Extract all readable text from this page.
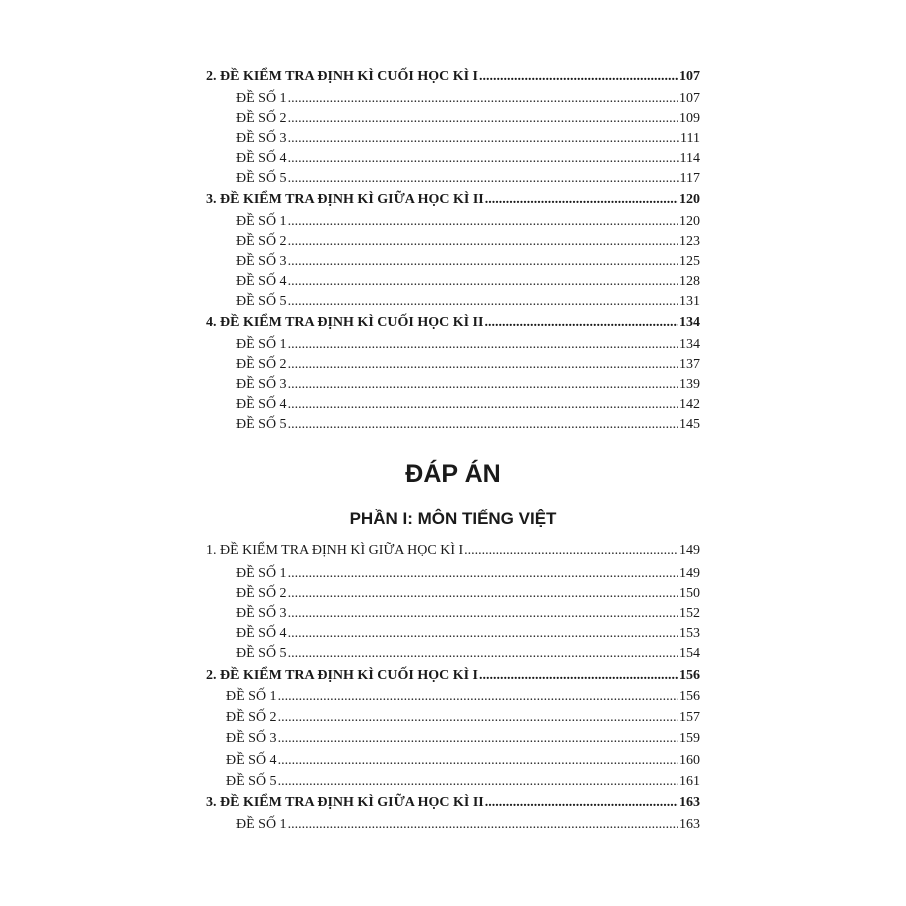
2. ĐỀ KIỂM TRA ĐỊNH KÌ CUỐI HỌC KÌ I .....	107
ĐỀ SỐ 1 .....	107
ĐỀ SỐ 2 .....	109
ĐỀ SỐ 3 .....	111
ĐỀ SỐ 4 .....	114
ĐỀ SỐ 5 .....	117
3. ĐỀ KIỂM TRA ĐỊNH KÌ GIỮA HỌC KÌ II .....	120
ĐỀ SỐ 1 .....	120
ĐỀ SỐ 2 .....	123
ĐỀ SỐ 3 .....	125
ĐỀ SỐ 4 .....	128
ĐỀ SỐ 5 .....	131
4. ĐỀ KIỂM TRA ĐỊNH KÌ CUỐI HỌC KÌ II .....	134
ĐỀ SỐ 1 .....	134
ĐỀ SỐ 2 .....	137
ĐỀ SỐ 3 .....	139
ĐỀ SỐ 4 .....	142
ĐỀ SỐ 5 .....	145
ĐÁP ÁN
PHẦN I: MÔN TIẾNG VIỆT
1. ĐỀ KIỂM TRA ĐỊNH KÌ GIỮA HỌC KÌ I .....	149
ĐỀ SỐ 1 .....	149
ĐỀ SỐ 2 .....	150
ĐỀ SỐ 3 .....	152
ĐỀ SỐ 4 .....	153
ĐỀ SỐ 5 .....	154
2. ĐỀ KIỂM TRA ĐỊNH KÌ CUỐI HỌC KÌ I .....	156
ĐỀ SỐ 1 .....	156
ĐỀ SỐ 2 .....	157
ĐỀ SỐ 3 .....	159
ĐỀ SỐ 4 .....	160
ĐỀ SỐ 5 .....	161
3. ĐỀ KIỂM TRA ĐỊNH KÌ GIỮA HỌC KÌ II .....	163
ĐỀ SỐ 1 .....	163
